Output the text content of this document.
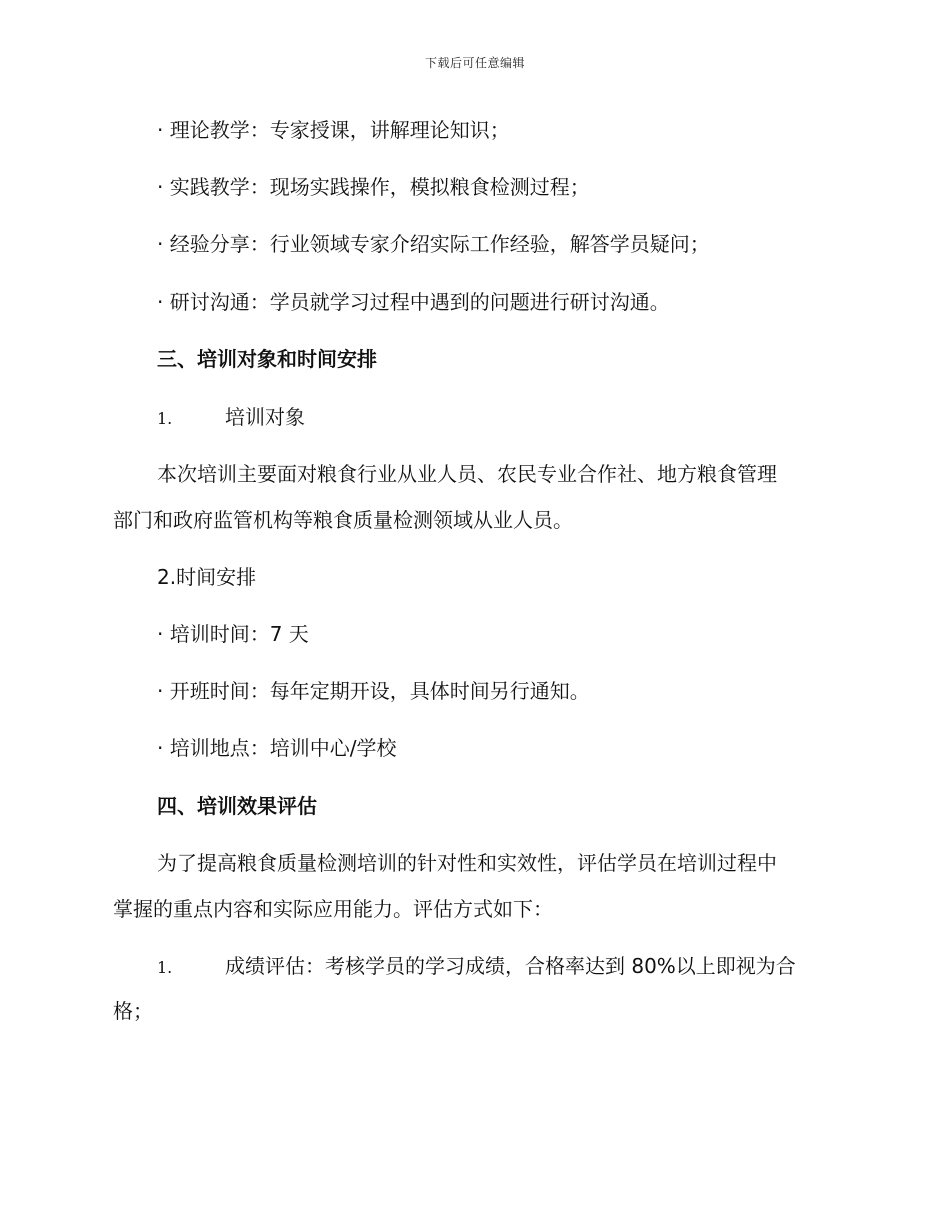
下载后可任意编辑
· 理论教学：专家授课，讲解理论知识；
· 实践教学：现场实践操作，模拟粮食检测过程；
· 经验分享：行业领域专家介绍实际工作经验，解答学员疑问；
· 研讨沟通：学员就学习过程中遇到的问题进行研讨沟通。
三、培训对象和时间安排
1.	培训对象
本次培训主要面对粮食行业从业人员、农民专业合作社、地方粮食管理
部门和政府监管机构等粮食质量检测领域从业人员。
2.时间安排
· 培训时间：7 天
· 开班时间：每年定期开设，具体时间另行通知。
· 培训地点：培训中心/学校
四、培训效果评估
为了提高粮食质量检测培训的针对性和实效性，评估学员在培训过程中
掌握的重点内容和实际应用能力。评估方式如下：
1.	成绩评估：考核学员的学习成绩，合格率达到 80%以上即视为合
格；
